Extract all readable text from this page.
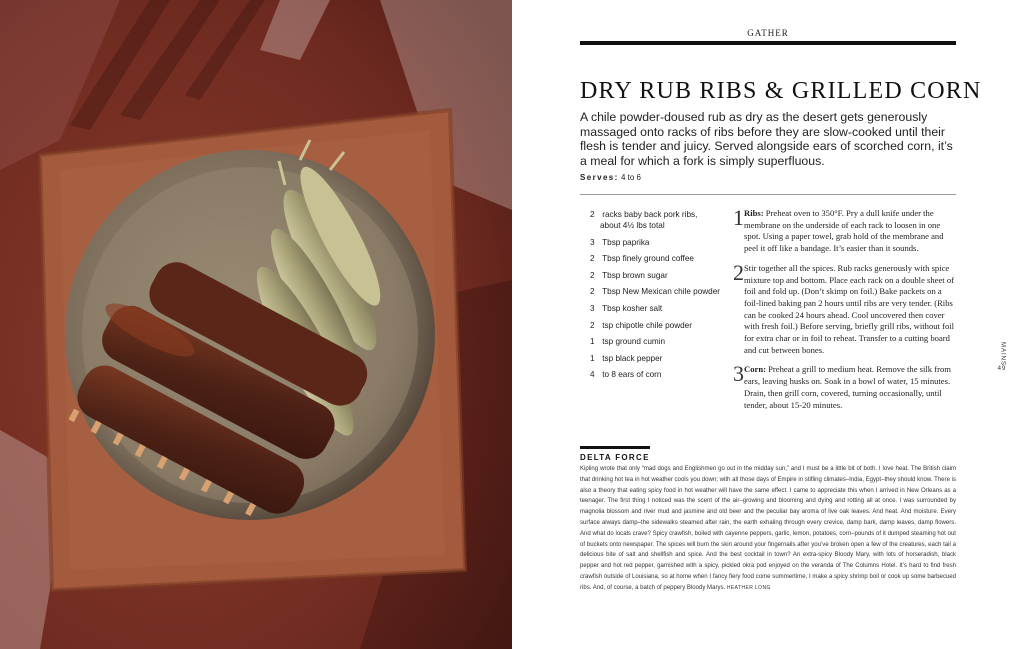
GATHER
DRY RUB RIBS & GRILLED CORN

A chile powder-doused rub as dry as the desert gets generously massaged onto racks of ribs before they are slow-cooked until their flesh is tender and juicy. Served alongside ears of scorched corn, it’s a meal for which a fork is simply superfluous.

Serves: 4 to 6
2 racks baby back pork ribs, about 4½ lbs total
3 Tbsp paprika
2 Tbsp finely ground coffee
2 Tbsp brown sugar
2 Tbsp New Mexican chile powder
3 Tbsp kosher salt
2 tsp chipotle chile powder
1 tsp ground cumin
1 tsp black pepper
4 to 8 ears of corn
1 Ribs: Preheat oven to 350°F. Pry a dull knife under the membrane on the underside of each rack to loosen in one spot. Using a paper towel, grab hold of the membrane and peel it off like a bandage. It’s easier than it sounds.
2 Stir together all the spices. Rub racks generously with spice mixture top and bottom. Place each rack on a double sheet of foil and fold up. (Don’t skimp on foil.) Bake packets on a foil-lined baking pan 2 hours until ribs are very tender. (Ribs can be cooked 24 hours ahead. Cool uncovered then cover with fresh foil.) Before serving, briefly grill ribs, without foil for extra char or in foil to reheat. Transfer to a cutting board and cut between bones.
3 Corn: Preheat a grill to medium heat. Remove the silk from ears, leaving husks on. Soak in a bowl of water, 15 minutes. Drain, then grill corn, covered, turning occasionally, until tender, about 15-20 minutes.
MAINS
49
DELTA FORCE

Kipling wrote that only “mad dogs and Englishmen go out in the midday sun,” and I must be a little bit of both. I love heat. The British claim that drinking hot tea in hot weather cools you down; with all those days of Empire in stifling climates–India, Egypt–they should know. There is also a theory that eating spicy food in hot weather will have the same effect. I came to appreciate this when I arrived in New Orleans as a teenager. The first thing I noticed was the scent of the air–growing and blooming and dying and rotting all at once. I was surrounded by magnolia blossom and river mud and jasmine and old beer and the peculiar bay aroma of live oak leaves. And heat. And moisture. Every surface always damp–the sidewalks steamed after rain, the earth exhaling through every crevice, damp bark, damp leaves, damp flowers. And what do locals crave? Spicy crawfish, boiled with cayenne peppers, garlic, lemon, potatoes, corn–pounds of it dumped steaming hot out of buckets onto newspaper. The spices will burn the skin around your fingernails after you’ve broken open a few of the creatures, each tail a delicious bite of salt and shellfish and spice. And the best cocktail in town? An extra-spicy Bloody Mary, with lots of horseradish, black pepper and hot red pepper, garnished with a spicy, pickled okra pod enjoyed on the veranda of The Columns Hotel. It’s hard to find fresh crawfish outside of Louisiana, so at home when I fancy fiery food come summertime, I make a spicy shrimp boil or cook up some barbecued ribs. And, of course, a batch of peppery Bloody Marys. HEATHER LONG
